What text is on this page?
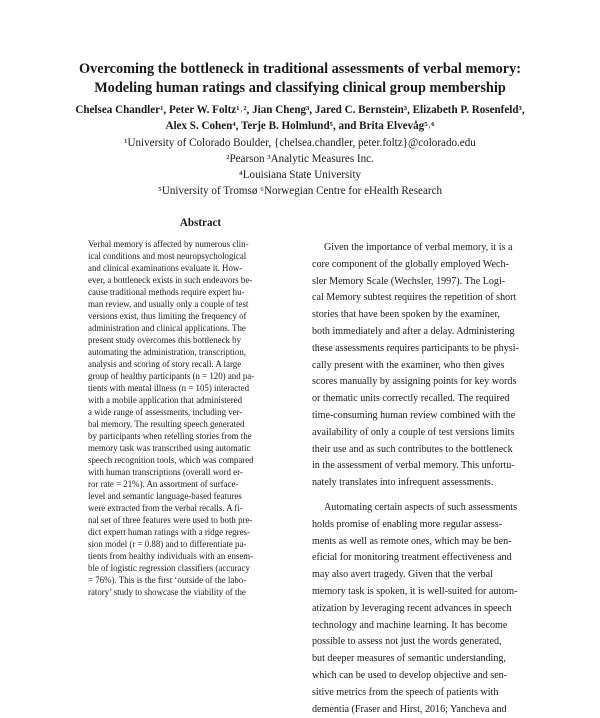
Overcoming the bottleneck in traditional assessments of verbal memory:
Modeling human ratings and classifying clinical group membership
Chelsea Chandler¹, Peter W. Foltz¹˒², Jian Cheng³, Jared C. Bernstein³, Elizabeth P. Rosenfeld³,
Alex S. Cohen⁴, Terje B. Holmlund⁵, and Brita Elvevåg⁵˒⁶
¹University of Colorado Boulder, {chelsea.chandler, peter.foltz}@colorado.edu
²Pearson ³Analytic Measures Inc.
⁴Louisiana State University
⁵University of Tromsø ⁶Norwegian Centre for eHealth Research
Abstract
Verbal memory is affected by numerous clin-
ical conditions and most neuropsychological
and clinical examinations evaluate it. How-
ever, a bottleneck exists in such endeavors be-
cause traditional methods require expert hu-
man review, and usually only a couple of test
versions exist, thus limiting the frequency of
administration and clinical applications. The
present study overcomes this bottleneck by
automating the administration, transcription,
analysis and scoring of story recall. A large
group of healthy participants (n = 120) and pa-
tients with mental illness (n = 105) interacted
with a mobile application that administered
a wide range of assessments, including ver-
bal memory. The resulting speech generated
by participants when retelling stories from the
memory task was transcribed using automatic
speech recognition tools, which was compared
with human transcriptions (overall word er-
ror rate = 21%). An assortment of surface-
level and semantic language-based features
were extracted from the verbal recalls. A fi-
nal set of three features were used to both pre-
dict expert human ratings with a ridge regres-
sion model (r = 0.88) and to differentiate pa-
tients from healthy individuals with an ensem-
ble of logistic regression classifiers (accuracy
= 76%). This is the first ‘outside of the labo-
ratory’ study to showcase the viability of the
Given the importance of verbal memory, it is a
core component of the globally employed Wech-
sler Memory Scale (Wechsler, 1997). The Logi-
cal Memory subtest requires the repetition of short
stories that have been spoken by the examiner,
both immediately and after a delay. Administering
these assessments requires participants to be physi-
cally present with the examiner, who then gives
scores manually by assigning points for key words
or thematic units correctly recalled. The required
time-consuming human review combined with the
availability of only a couple of test versions limits
their use and as such contributes to the bottleneck
in the assessment of verbal memory. This unfortu-
nately translates into infrequent assessments.
Automating certain aspects of such assessments
holds promise of enabling more regular assess-
ments as well as remote ones, which may be ben-
eficial for monitoring treatment effectiveness and
may also avert tragedy. Given that the verbal
memory task is spoken, it is well-suited for autom-
atization by leveraging recent advances in speech
technology and machine learning. It has become
possible to assess not just the words generated,
but deeper measures of semantic understanding,
which can be used to develop objective and sen-
sitive metrics from the speech of patients with
dementia (Fraser and Hirst, 2016; Yancheva and
